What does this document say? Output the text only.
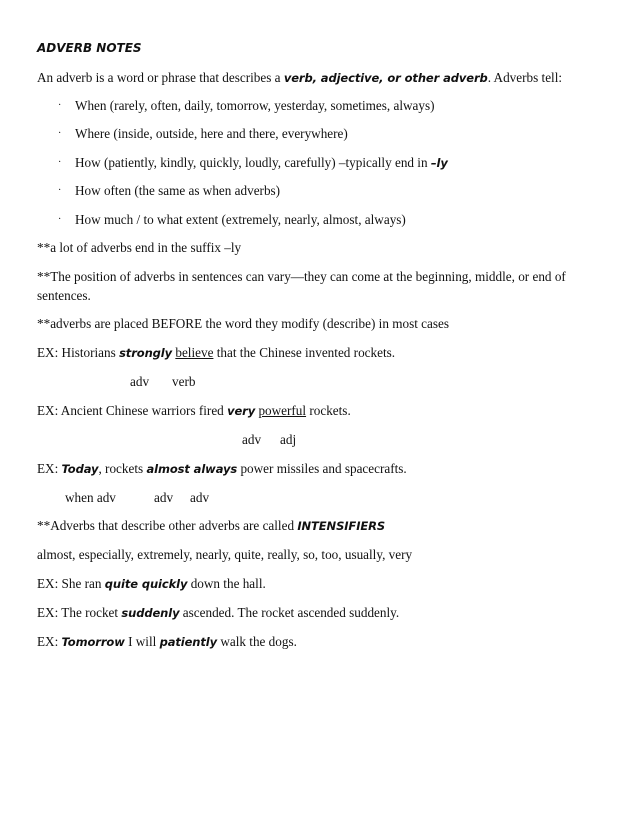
ADVERB NOTES
An adverb is a word or phrase that describes a verb, adjective, or other adverb. Adverbs tell:
· When (rarely, often, daily, tomorrow, yesterday, sometimes, always)
· Where (inside, outside, here and there, everywhere)
· How (patiently, kindly, quickly, loudly, carefully) –typically end in –ly
· How often (the same as when adverbs)
· How much / to what extent (extremely, nearly, almost, always)
**a lot of adverbs end in the suffix –ly
**The position of adverbs in sentences can vary—they can come at the beginning, middle, or end of
sentences.
**adverbs are placed BEFORE the word they modify (describe) in most cases
EX: Historians strongly believe that the Chinese invented rockets.
adv verb
EX: Ancient Chinese warriors fired very powerful rockets.
adv adj
EX: Today, rockets almost always power missiles and spacecrafts.
when adv	adv adv
**Adverbs that describe other adverbs are called INTENSIFIERS
almost, especially, extremely, nearly, quite, really, so, too, usually, very
EX: She ran quite quickly down the hall.
EX: The rocket suddenly ascended. The rocket ascended suddenly.
EX: Tomorrow I will patiently walk the dogs.
